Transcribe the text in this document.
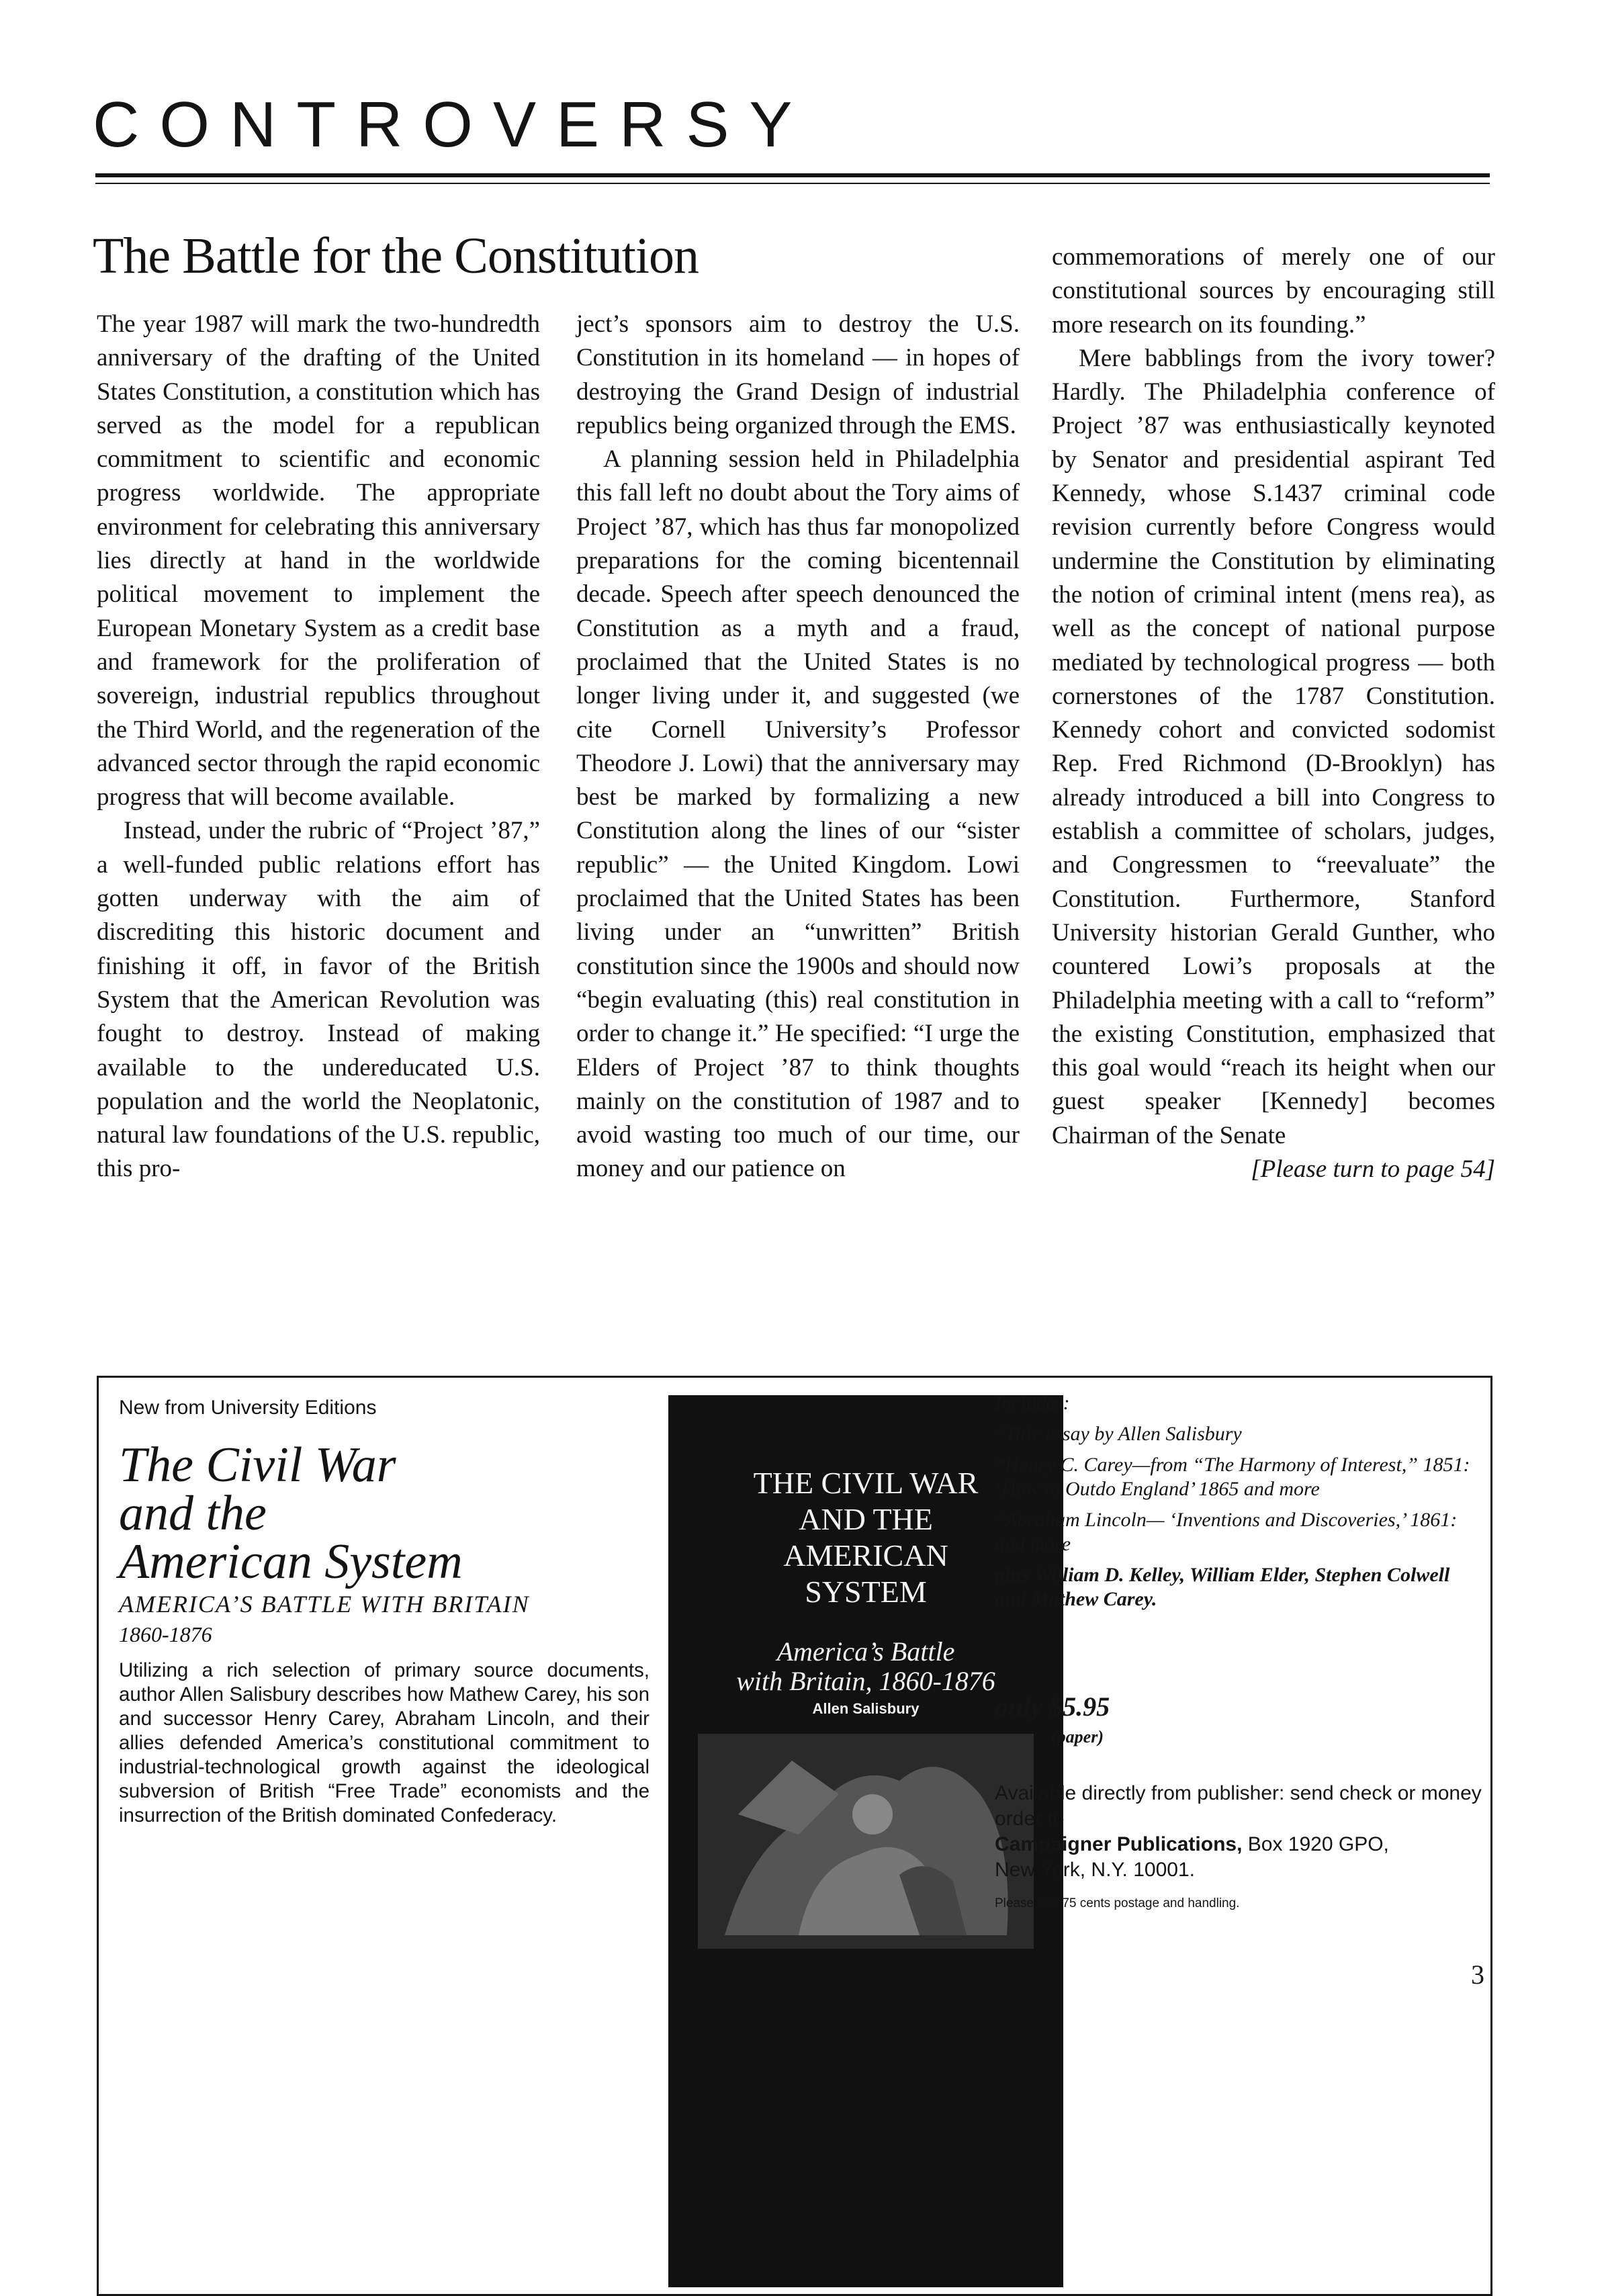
CONTROVERSY
The Battle for the Constitution

The year 1987 will mark the two-hundredth anniversary of the drafting of the United States Constitution, a constitution which has served as the model for a republican commitment to scientific and economic progress worldwide. The appropriate environment for celebrating this anniversary lies directly at hand in the worldwide political movement to implement the European Monetary System as a credit base and framework for the proliferation of sovereign, industrial republics throughout the Third World, and the regeneration of the advanced sector through the rapid economic progress that will become available.

Instead, under the rubric of “Project ’87,” a well-funded public relations effort has gotten underway with the aim of discrediting this historic document and finishing it off, in favor of the British System that the American Revolution was fought to destroy. Instead of making available to the undereducated U.S. population and the world the Neoplatonic, natural law foundations of the U.S. republic, this pro-

ject’s sponsors aim to destroy the U.S. Constitution in its homeland — in hopes of destroying the Grand Design of industrial republics being organized through the EMS.

A planning session held in Philadelphia this fall left no doubt about the Tory aims of Project ’87, which has thus far monopolized preparations for the coming bicentennail decade. Speech after speech denounced the Constitution as a myth and a fraud, proclaimed that the United States is no longer living under it, and suggested (we cite Cornell University’s Professor Theodore J. Lowi) that the anniversary may best be marked by formalizing a new Constitution along the lines of our “sister republic” — the United Kingdom. Lowi proclaimed that the United States has been living under an “unwritten” British constitution since the 1900s and should now “begin evaluating (this) real constitution in order to change it.” He specified: “I urge the Elders of Project ’87 to think thoughts mainly on the constitution of 1987 and to avoid wasting too much of our time, our money and our patience on

commemorations of merely one of our constitutional sources by encouraging still more research on its founding.”

Mere babblings from the ivory tower? Hardly. The Philadelphia conference of Project ’87 was enthusiastically keynoted by Senator and presidential aspirant Ted Kennedy, whose S.1437 criminal code revision currently before Congress would undermine the Constitution by eliminating the notion of criminal intent (mens rea), as well as the concept of national purpose mediated by technological progress — both cornerstones of the 1787 Constitution. Kennedy cohort and convicted sodomist Rep. Fred Richmond (D-Brooklyn) has already introduced a bill into Congress to establish a committee of scholars, judges, and Congressmen to “reevaluate” the Constitution. Furthermore, Stanford University historian Gerald Gunther, who countered Lowi’s proposals at the Philadelphia meeting with a call to “reform” the existing Constitution, emphasized that this goal would “reach its height when our guest speaker [Kennedy] becomes Chairman of the Senate

[Please turn to page 54]

New from University Editions
The Civil War
and the
American System
AMERICA’S BATTLE WITH BRITAIN
1860-1876
Utilizing a rich selection of primary source documents, author Allen Salisbury describes how Mathew Carey, his son and successor Henry Carey, Abraham Lincoln, and their allies defended America’s constitutional commitment to industrial-technological growth against the ideological subversion of British “Free Trade” economists and the insurrection of the British dominated Confederacy.
THE CIVIL WAR
AND THE
AMERICAN
SYSTEM
America’s Battle
with Britain, 1860-1876
Allen Salisbury

Includes:

*Title essay by Allen Salisbury

*Henry C. Carey—from “The Harmony of Interest,” 1851: ‘How to Outdo England’ 1865 and more

*Abraham Lincoln— ‘Inventions and Discoveries,’ 1861: and more

plus William D. Kelley, William Elder, Stephen Colwell and Mathew Carey.

only $5.95
(paper)
Available directly from publisher: send check or money order to
Campaigner Publications, Box 1920 GPO,
New York, N.Y. 10001.
Please add 75 cents postage and handling.
3
